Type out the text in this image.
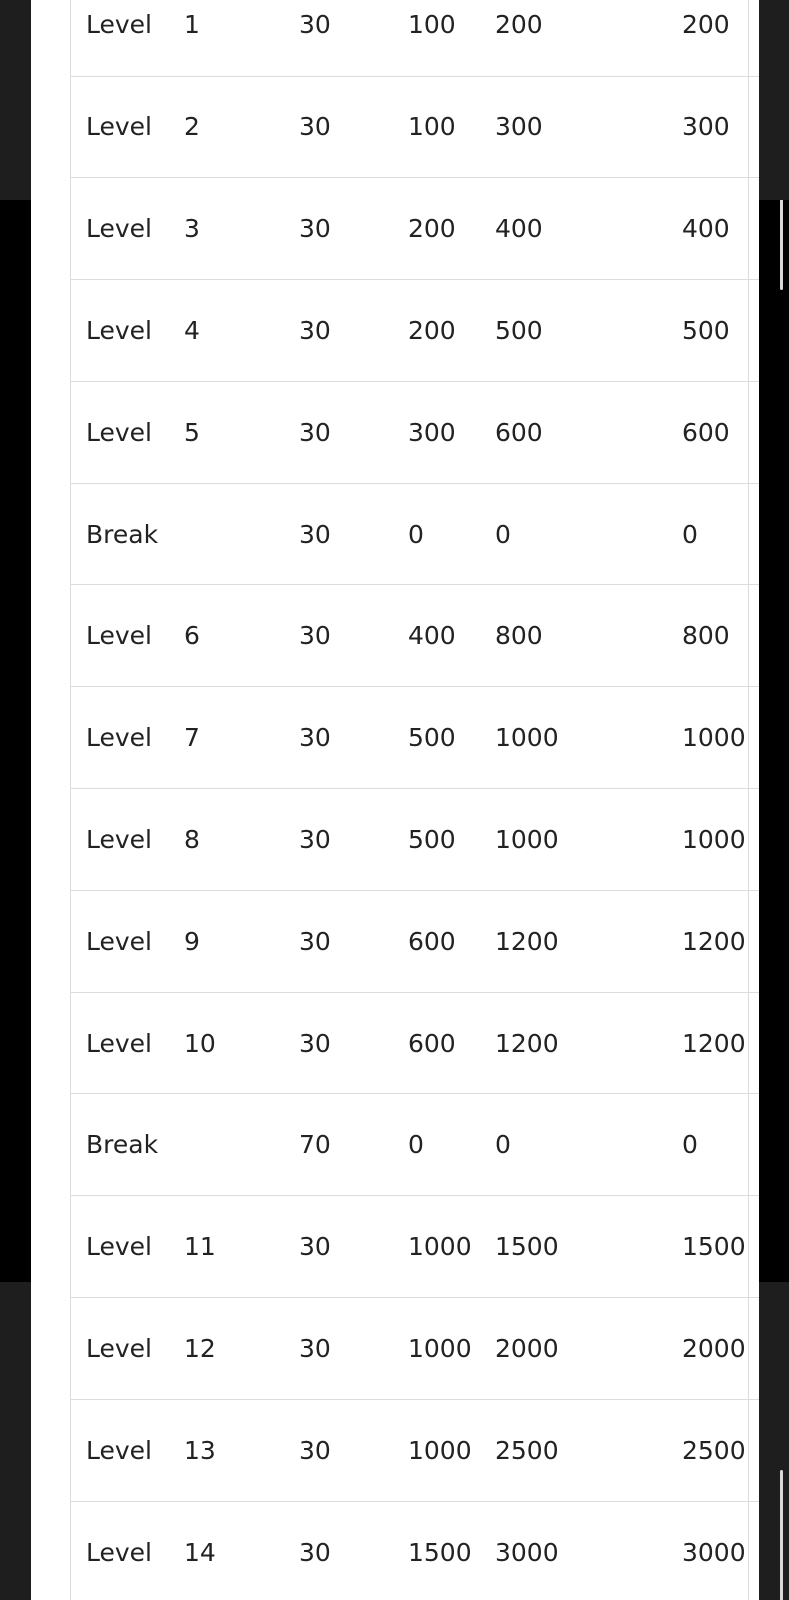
Level 1	30	100	200	200
Level 2	30	100	300	300
Level 3	30	200	400	400
Level 4	30	200	500	500
Level 5	30	300	600	600
Break	30	0	0	0
Level 6	30	400	800	800
Level 7	30	500	1000	1000
Level 8	30	500	1000	1000
Level 9	30	600	1200	1200
Level 10	30	600	1200	1200
Break	70	0	0	0
Level 11	30	1000	1500	1500
Level 12	30	1000	2000	2000
Level 13	30	1000	2500	2500
Level 14	30	1500	3000	3000
